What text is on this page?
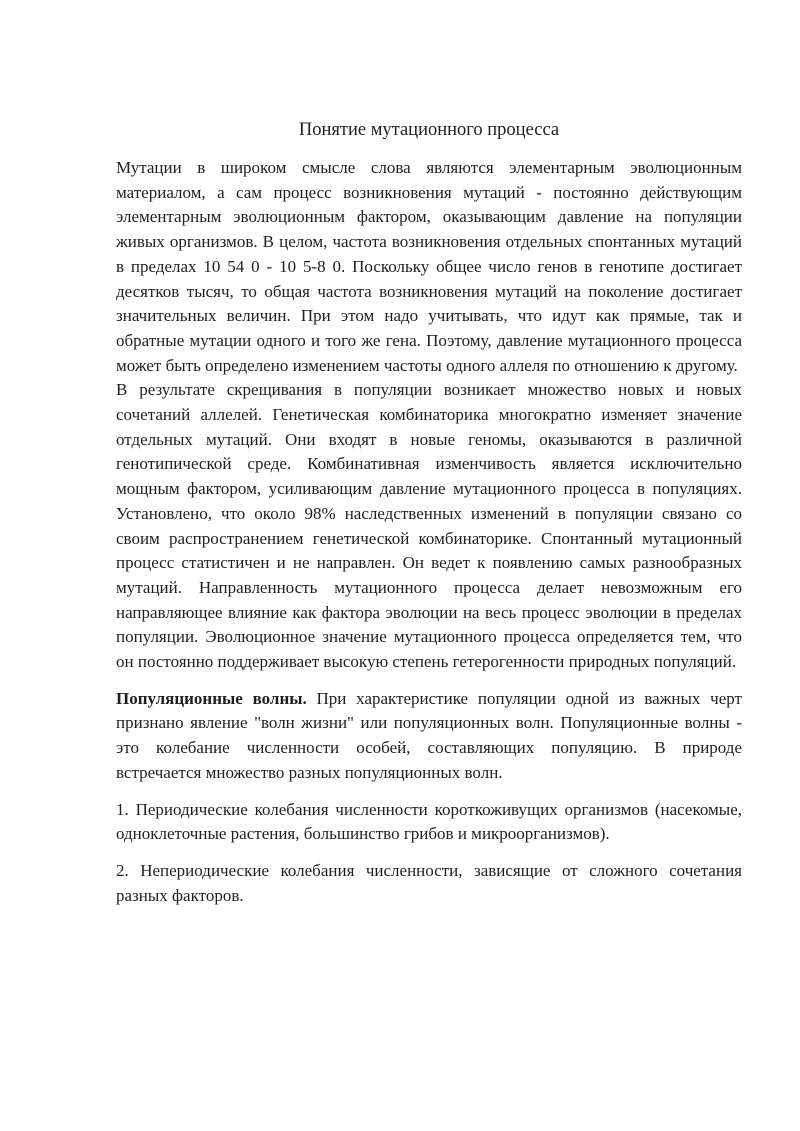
Понятие мутационного процесса

Мутации в широком смысле слова являются элементарным эволюционным материалом, а сам процесс возникновения мутаций - постоянно действующим элементарным эволюционным фактором, оказывающим давление на популяции живых организмов. В целом, частота возникновения отдельных спонтанных мутаций в пределах 10 54 0 - 10 5-8 0. Поскольку общее число генов в генотипе достигает десятков тысяч, то общая частота возникновения мутаций на поколение достигает значительных величин. При этом надо учитывать, что идут как прямые, так и обратные мутации одного и того же гена. Поэтому, давление мутационного процесса может быть определено изменением частоты одного аллеля по отношению к другому.

В результате скрещивания в популяции возникает множество новых и новых сочетаний аллелей. Генетическая комбинаторика многократно изменяет значение отдельных мутаций. Они входят в новые геномы, оказываются в различной генотипической среде. Комбинативная изменчивость является исключительно мощным фактором, усиливающим давление мутационного процесса в популяциях. Установлено, что около 98% наследственных изменений в популяции связано со своим распространением генетической комбинаторике. Спонтанный мутационный процесс статистичен и не направлен. Он ведет к появлению самых разнообразных мутаций. Направленность мутационного процесса делает невозможным его направляющее влияние как фактора эволюции на весь процесс эволюции в пределах популяции. Эволюционное значение мутационного процесса определяется тем, что он постоянно поддерживает высокую степень гетерогенности природных популяций.

Популяционные волны. При характеристике популяции одной из важных черт признано явление "волн жизни" или популяционных волн. Популяционные волны - это колебание численности особей, составляющих популяцию. В природе встречается множество разных популяционных волн.

1. Периодические колебания численности короткоживущих организмов (насекомые, одноклеточные растения, большинство грибов и микроорганизмов).

2. Непериодические колебания численности, зависящие от сложного сочетания разных факторов.
